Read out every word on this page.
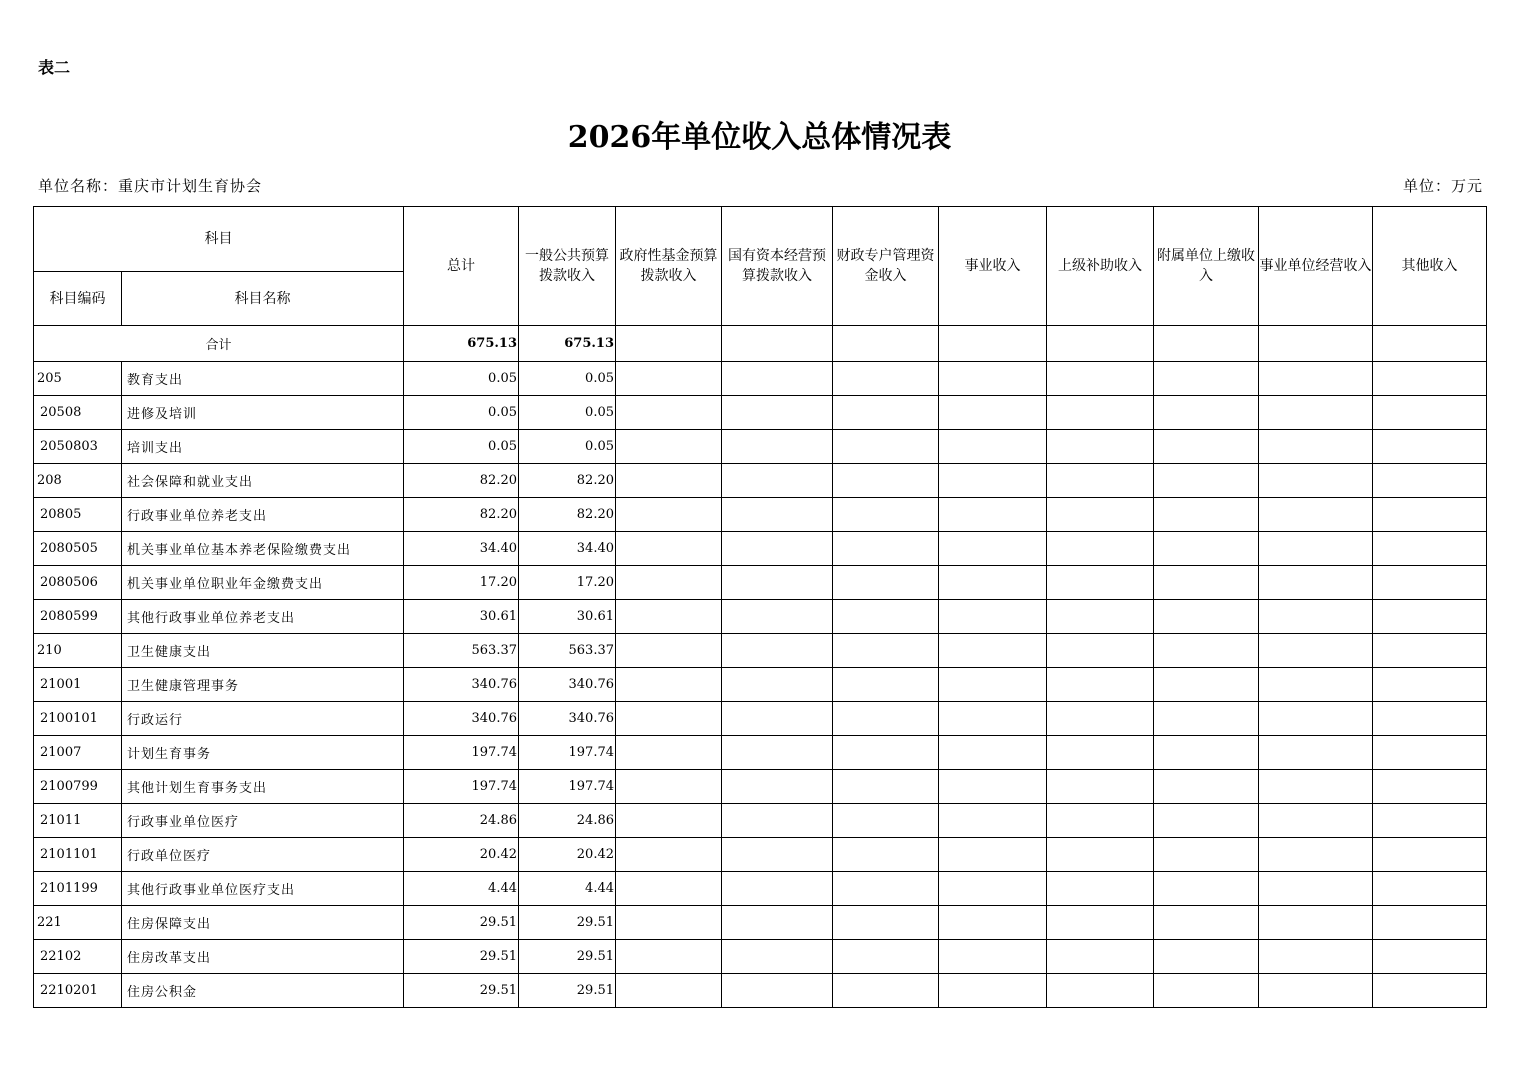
表二
2026年单位收入总体情况表
单位名称：重庆市计划生育协会	单位：万元
科目		总计	一般公共预算拨款收入	政府性基金预算拨款收入	国有资本经营预算拨款收入	财政专户管理资金收入	事业收入	上级补助收入	附属单位上缴收入	事业单位经营收入	其他收入
科目编码	科目名称										
合计		675.13	675.13								
205	教育支出	0.05	0.05								
20508	进修及培训	0.05	0.05								
2050803	培训支出	0.05	0.05								
208	社会保障和就业支出	82.20	82.20								
20805	行政事业单位养老支出	82.20	82.20								
2080505	机关事业单位基本养老保险缴费支出	34.40	34.40								
2080506	机关事业单位职业年金缴费支出	17.20	17.20								
2080599	其他行政事业单位养老支出	30.61	30.61								
210	卫生健康支出	563.37	563.37								
21001	卫生健康管理事务	340.76	340.76								
2100101	行政运行	340.76	340.76								
21007	计划生育事务	197.74	197.74								
2100799	其他计划生育事务支出	197.74	197.74								
21011	行政事业单位医疗	24.86	24.86								
2101101	行政单位医疗	20.42	20.42								
2101199	其他行政事业单位医疗支出	4.44	4.44								
221	住房保障支出	29.51	29.51								
22102	住房改革支出	29.51	29.51								
2210201	住房公积金	29.51	29.51								
